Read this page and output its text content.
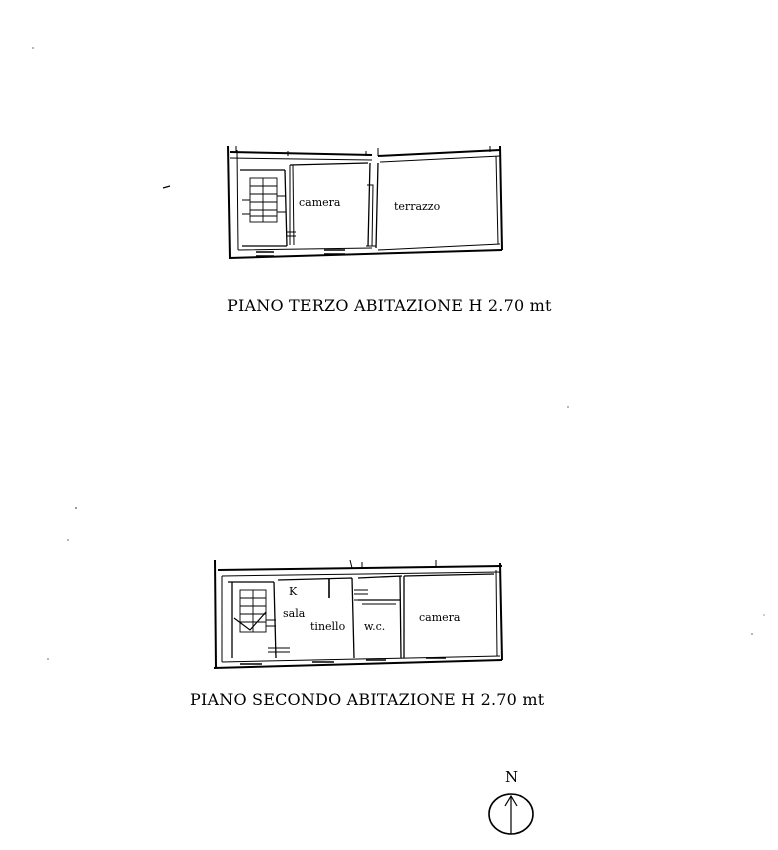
camera	terrazzo
K
sala
tinello w.c.
camera
N
PIANO TERZO ABITAZIONE H 2.70 mt
PIANO SECONDO ABITAZIONE H 2.70 mt
